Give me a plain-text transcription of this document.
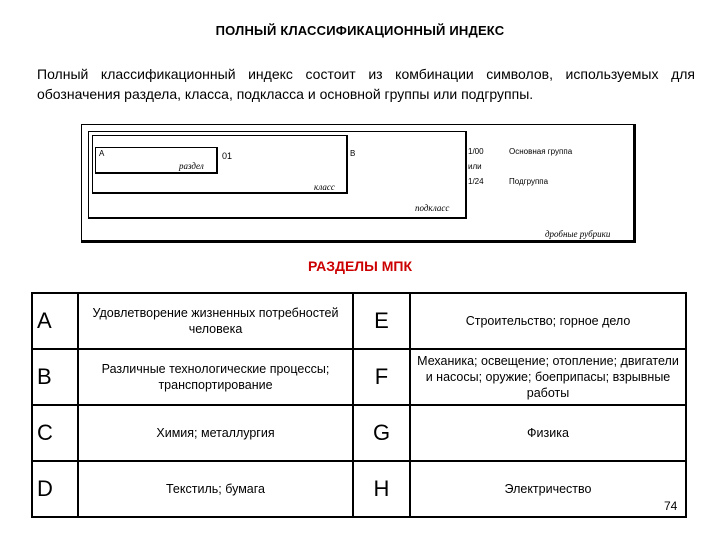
ПОЛНЫЙ КЛАССИФИКАЦИОННЫЙ ИНДЕКС
Полный классификационный индекс состоит из комбинации символов, используемых для обозначения раздела, класса, подкласса и основной группы или подгруппы.
A
раздел
01
класс
B
подкласс
1/00
или
1/24
Основная группа
Подгруппа
дробные рубрики
РАЗДЕЛЫ МПК
A	Удовлетворение жизненных потребностей человека	E	Строительство; горное дело
B	Различные технологические процессы; транспортирование	F	Механика; освещение; отопление; двигатели и насосы; оружие; боеприпасы; взрывные работы
C	Химия; металлургия	G	Физика
D	Текстиль; бумага	H	Электричество
74
